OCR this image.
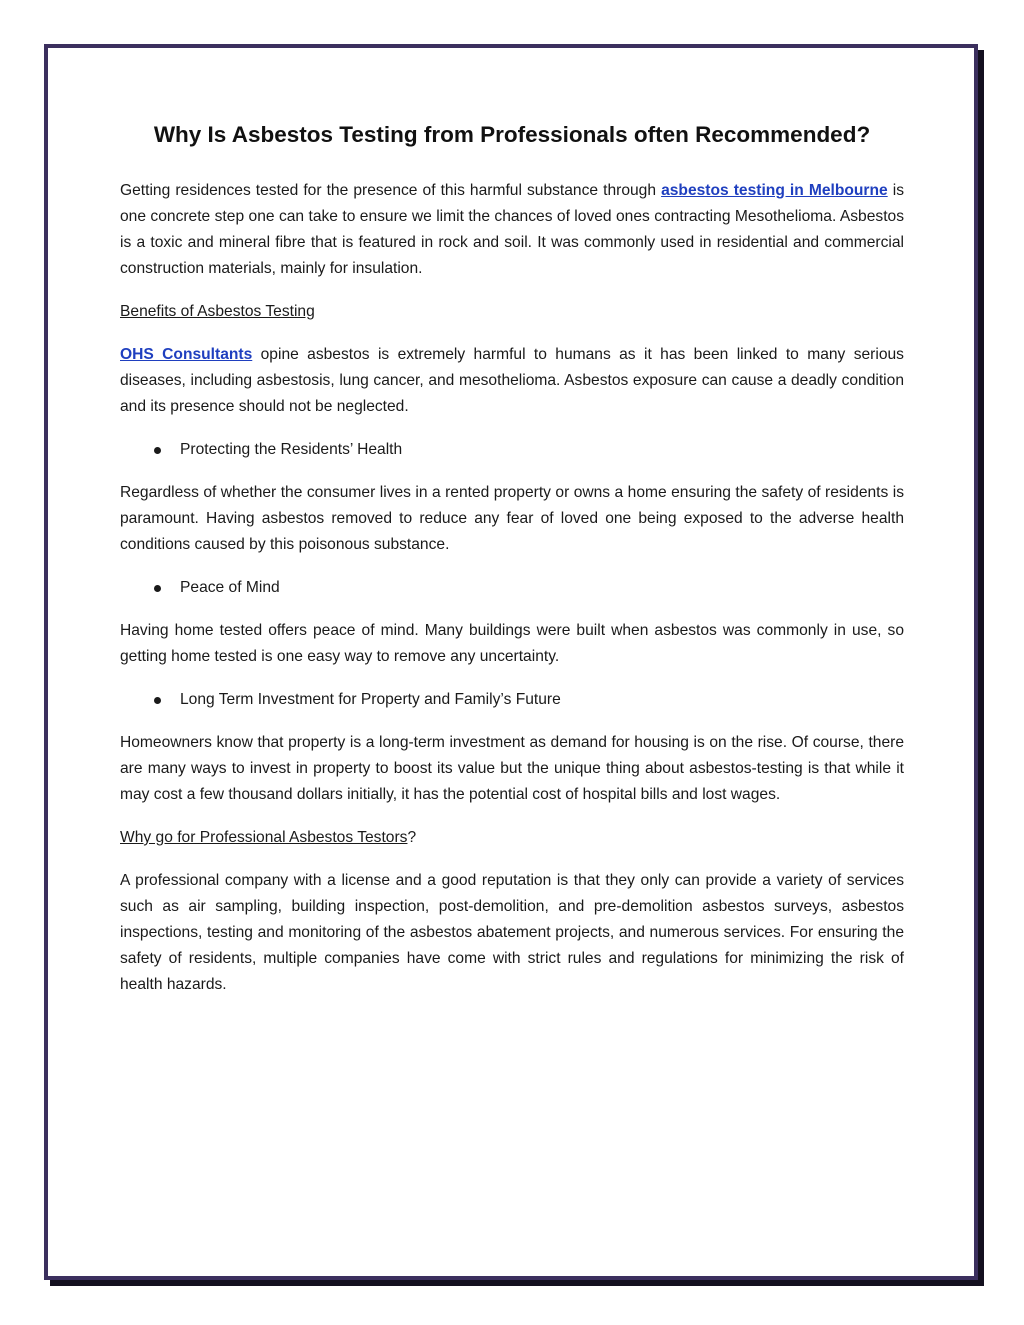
Why Is Asbestos Testing from Professionals often Recommended?

Getting residences tested for the presence of this harmful substance through asbestos testing in Melbourne is one concrete step one can take to ensure we limit the chances of loved ones contracting Mesothelioma. Asbestos is a toxic and mineral fibre that is featured in rock and soil. It was commonly used in residential and commercial construction materials, mainly for insulation.

Benefits of Asbestos Testing

OHS Consultants opine asbestos is extremely harmful to humans as it has been linked to many serious diseases, including asbestosis, lung cancer, and mesothelioma. Asbestos exposure can cause a deadly condition and its presence should not be neglected.

Protecting the Residents’ Health

Regardless of whether the consumer lives in a rented property or owns a home ensuring the safety of residents is paramount. Having asbestos removed to reduce any fear of loved one being exposed to the adverse health conditions caused by this poisonous substance.

Peace of Mind

Having home tested offers peace of mind. Many buildings were built when asbestos was commonly in use, so getting home tested is one easy way to remove any uncertainty.

Long Term Investment for Property and Family’s Future

Homeowners know that property is a long-term investment as demand for housing is on the rise. Of course, there are many ways to invest in property to boost its value but the unique thing about asbestos-testing is that while it may cost a few thousand dollars initially, it has the potential cost of hospital bills and lost wages.

Why go for Professional Asbestos Testors?

A professional company with a license and a good reputation is that they only can provide a variety of services such as air sampling, building inspection, post-demolition, and pre-demolition asbestos surveys, asbestos inspections, testing and monitoring of the asbestos abatement projects, and numerous services. For ensuring the safety of residents, multiple companies have come with strict rules and regulations for minimizing the risk of health hazards.
